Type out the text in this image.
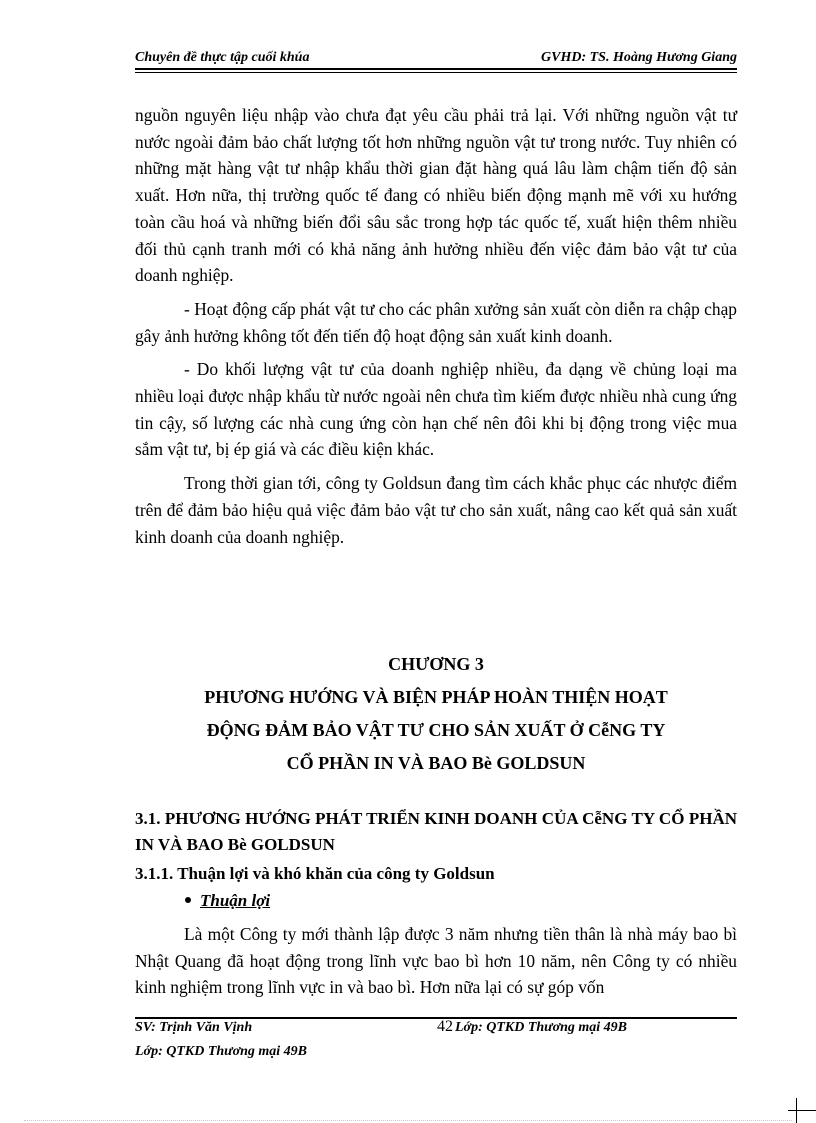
Chuyên đề thực tập cuối khúa	GVHD: TS. Hoàng Hương Giang

nguồn nguyên liệu nhập vào chưa đạt yêu cầu phải trả lại. Với những nguồn vật tư nước ngoài đảm bảo chất lượng tốt hơn những nguồn vật tư trong nước. Tuy nhiên có những mặt hàng vật tư nhập khẩu thời gian đặt hàng quá lâu làm chậm tiến độ sản xuất. Hơn nữa, thị trường quốc tế đang có nhiều biến động mạnh mẽ với xu hướng toàn cầu hoá và những biến đổi sâu sắc trong hợp tác quốc tế, xuất hiện thêm nhiều đối thủ cạnh tranh mới có khả năng ảnh hưởng nhiều đến việc đảm bảo vật tư của doanh nghiệp.

- Hoạt động cấp phát vật tư cho các phân xưởng sản xuất còn diễn ra chập chạp gây ảnh hưởng không tốt đến tiến độ hoạt động sản xuất kinh doanh.

- Do khối lượng vật tư của doanh nghiệp nhiều, đa dạng về chủng loại ma nhiều loại được nhập khẩu từ nước ngoài nên chưa tìm kiếm được nhiều nhà cung ứng tin cậy, số lượng các nhà cung ứng còn hạn chế nên đôi khi bị động trong việc mua sắm vật tư, bị ép giá và các điều kiện khác.

Trong thời gian tới, công ty Goldsun đang tìm cách khắc phục các nhược điểm trên để đảm bảo hiệu quả việc đảm bảo vật tư cho sản xuất, nâng cao kết quả sản xuất kinh doanh của doanh nghiệp.

CHƯƠNG 3
PHƯƠNG HƯỚNG VÀ BIỆN PHÁP HOÀN THIỆN HOẠT
ĐỘNG ĐẢM BẢO VẬT TƯ CHO SẢN XUẤT Ở CễNG TY
CỔ PHẦN IN VÀ BAO Bè GOLDSUN
3.1. PHƯƠNG HƯỚNG PHÁT TRIỂN KINH DOANH CỦA CễNG TY CỔ PHẦN IN VÀ BAO Bè GOLDSUN
3.1.1. Thuận lợi và khó khăn của công ty Goldsun
Thuận lợi

Là một Công ty mới thành lập được 3 năm nhưng tiền thân là nhà máy bao bì Nhật Quang đã hoạt động trong lĩnh vực bao bì hơn 10 năm, nên Công ty có nhiều kinh nghiệm trong lĩnh vực in và bao bì. Hơn nữa lại có sự góp vốn

SV: Trịnh Văn Vịnh	42 Lớp: QTKD Thương mại 49B
Lớp: QTKD Thương mại 49B
